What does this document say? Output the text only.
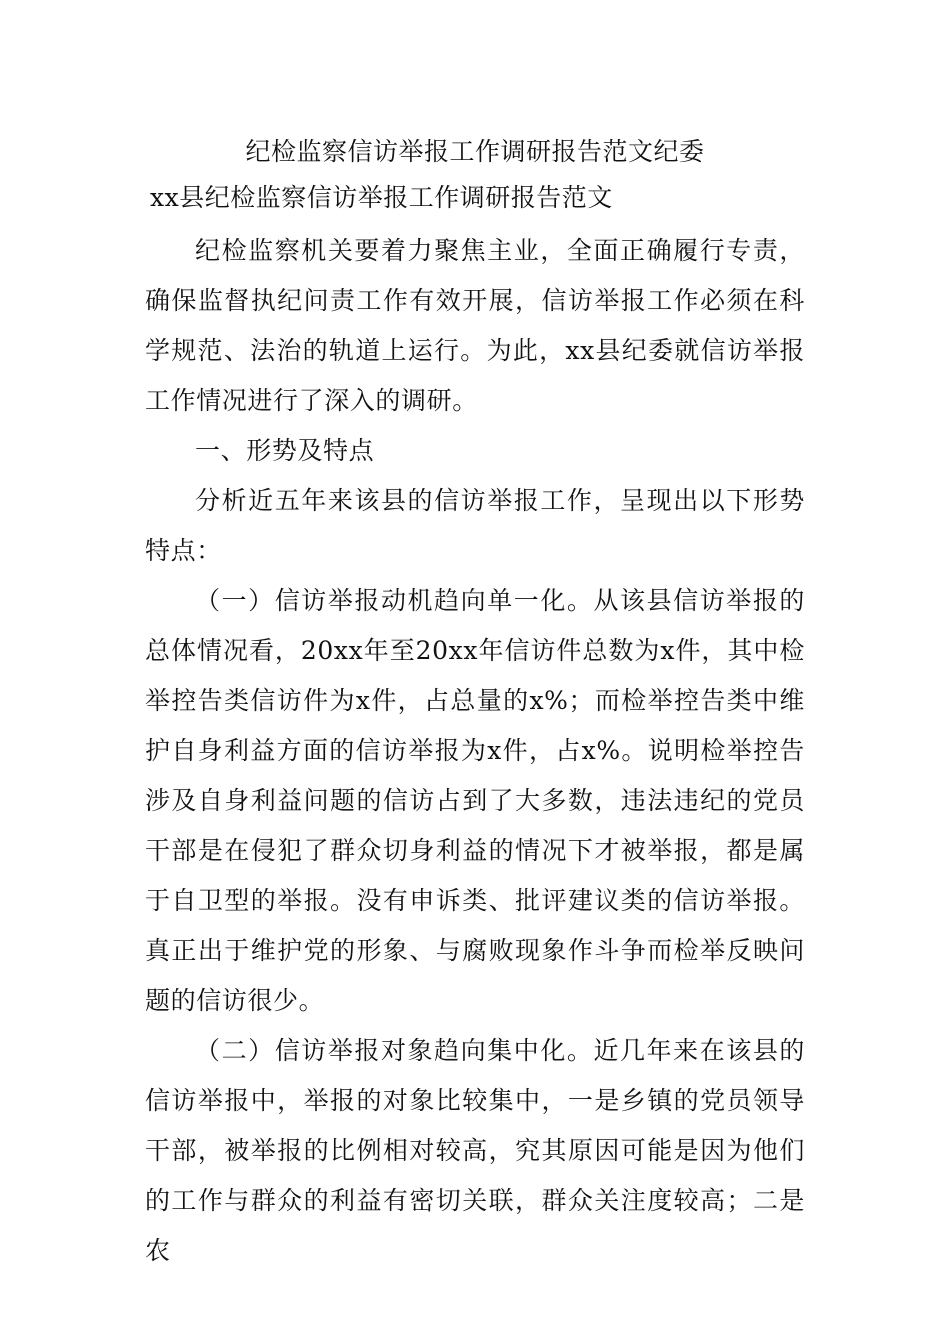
纪检监察信访举报工作调研报告范文纪委
xx县纪检监察信访举报工作调研报告范文

纪检监察机关要着力聚焦主业，全面正确履行专责，确保监督执纪问责工作有效开展，信访举报工作必须在科学规范、法治的轨道上运行。为此，xx县纪委就信访举报工作情况进行了深入的调研。

一、形势及特点

分析近五年来该县的信访举报工作，呈现出以下形势特点：

（一）信访举报动机趋向单一化。从该县信访举报的总体情况看，20xx年至20xx年信访件总数为x件，其中检举控告类信访件为x件，占总量的x%；而检举控告类中维护自身利益方面的信访举报为x件，占x%。说明检举控告涉及自身利益问题的信访占到了大多数，违法违纪的党员干部是在侵犯了群众切身利益的情况下才被举报，都是属于自卫型的举报。没有申诉类、批评建议类的信访举报。真正出于维护党的形象、与腐败现象作斗争而检举反映问题的信访很少。

（二）信访举报对象趋向集中化。近几年来在该县的信访举报中，举报的对象比较集中，一是乡镇的党员领导干部，被举报的比例相对较高，究其原因可能是因为他们的工作与群众的利益有密切关联，群众关注度较高；二是农
